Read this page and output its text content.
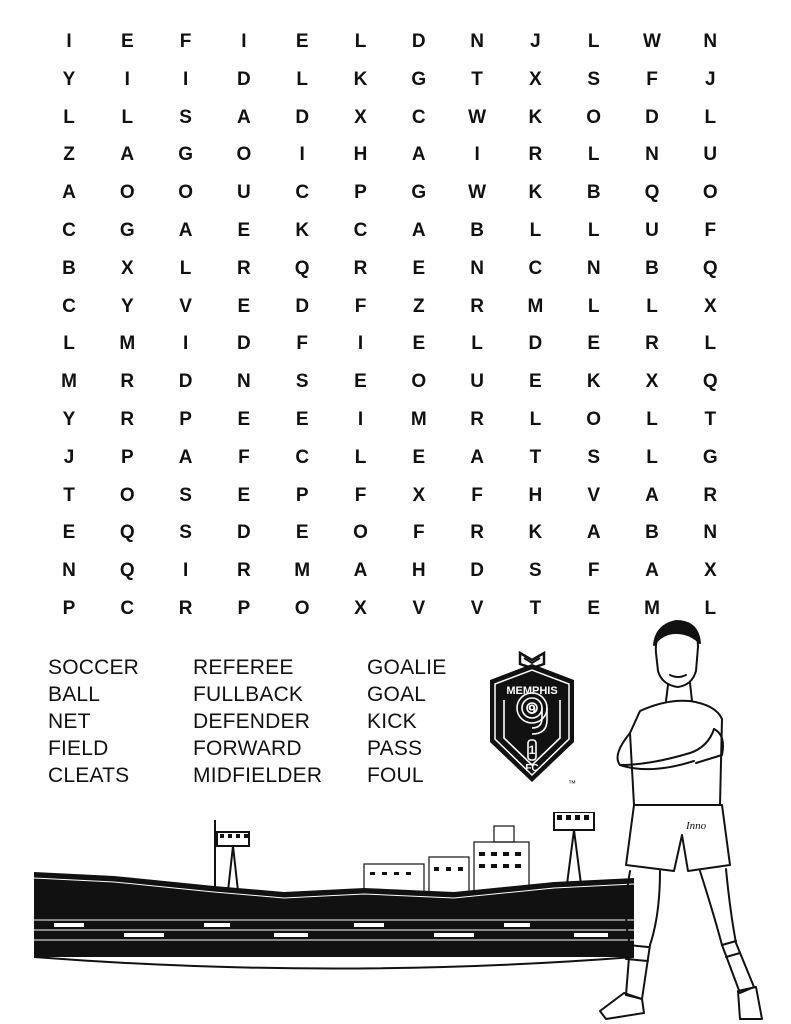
I	E	F	I	E	L	D	N	J	L	W	N
Y	I	I	D	L	K	G	T	X	S	F	J
L	L	S	A	D	X	C	W	K	O	D	L
Z	A	G	O	I	H	A	I	R	L	N	U
A	O	O	U	C	P	G	W	K	B	Q	O
C	G	A	E	K	C	A	B	L	L	U	F
B	X	L	R	Q	R	E	N	C	N	B	Q
C	Y	V	E	D	F	Z	R	M	L	L	X
L	M	I	D	F	I	E	L	D	E	R	L
M	R	D	N	S	E	O	U	E	K	X	Q
Y	R	P	E	E	I	M	R	L	O	L	T
J	P	A	F	C	L	E	A	T	S	L	G
T	O	S	E	P	F	X	F	H	V	A	R
E	Q	S	D	E	O	F	R	K	A	B	N
N	Q	I	R	M	A	H	D	S	F	A	X
P	C	R	P	O	X	V	V	T	E	M	L
SOCCER
BALL
NET
FIELD
CLEATS
REFEREE
FULLBACK
DEFENDER
FORWARD
MIDFIELDER
GOALIE
GOAL
KICK
PASS
FOUL
MEMPHIS
9
1
FC
™
Inno
